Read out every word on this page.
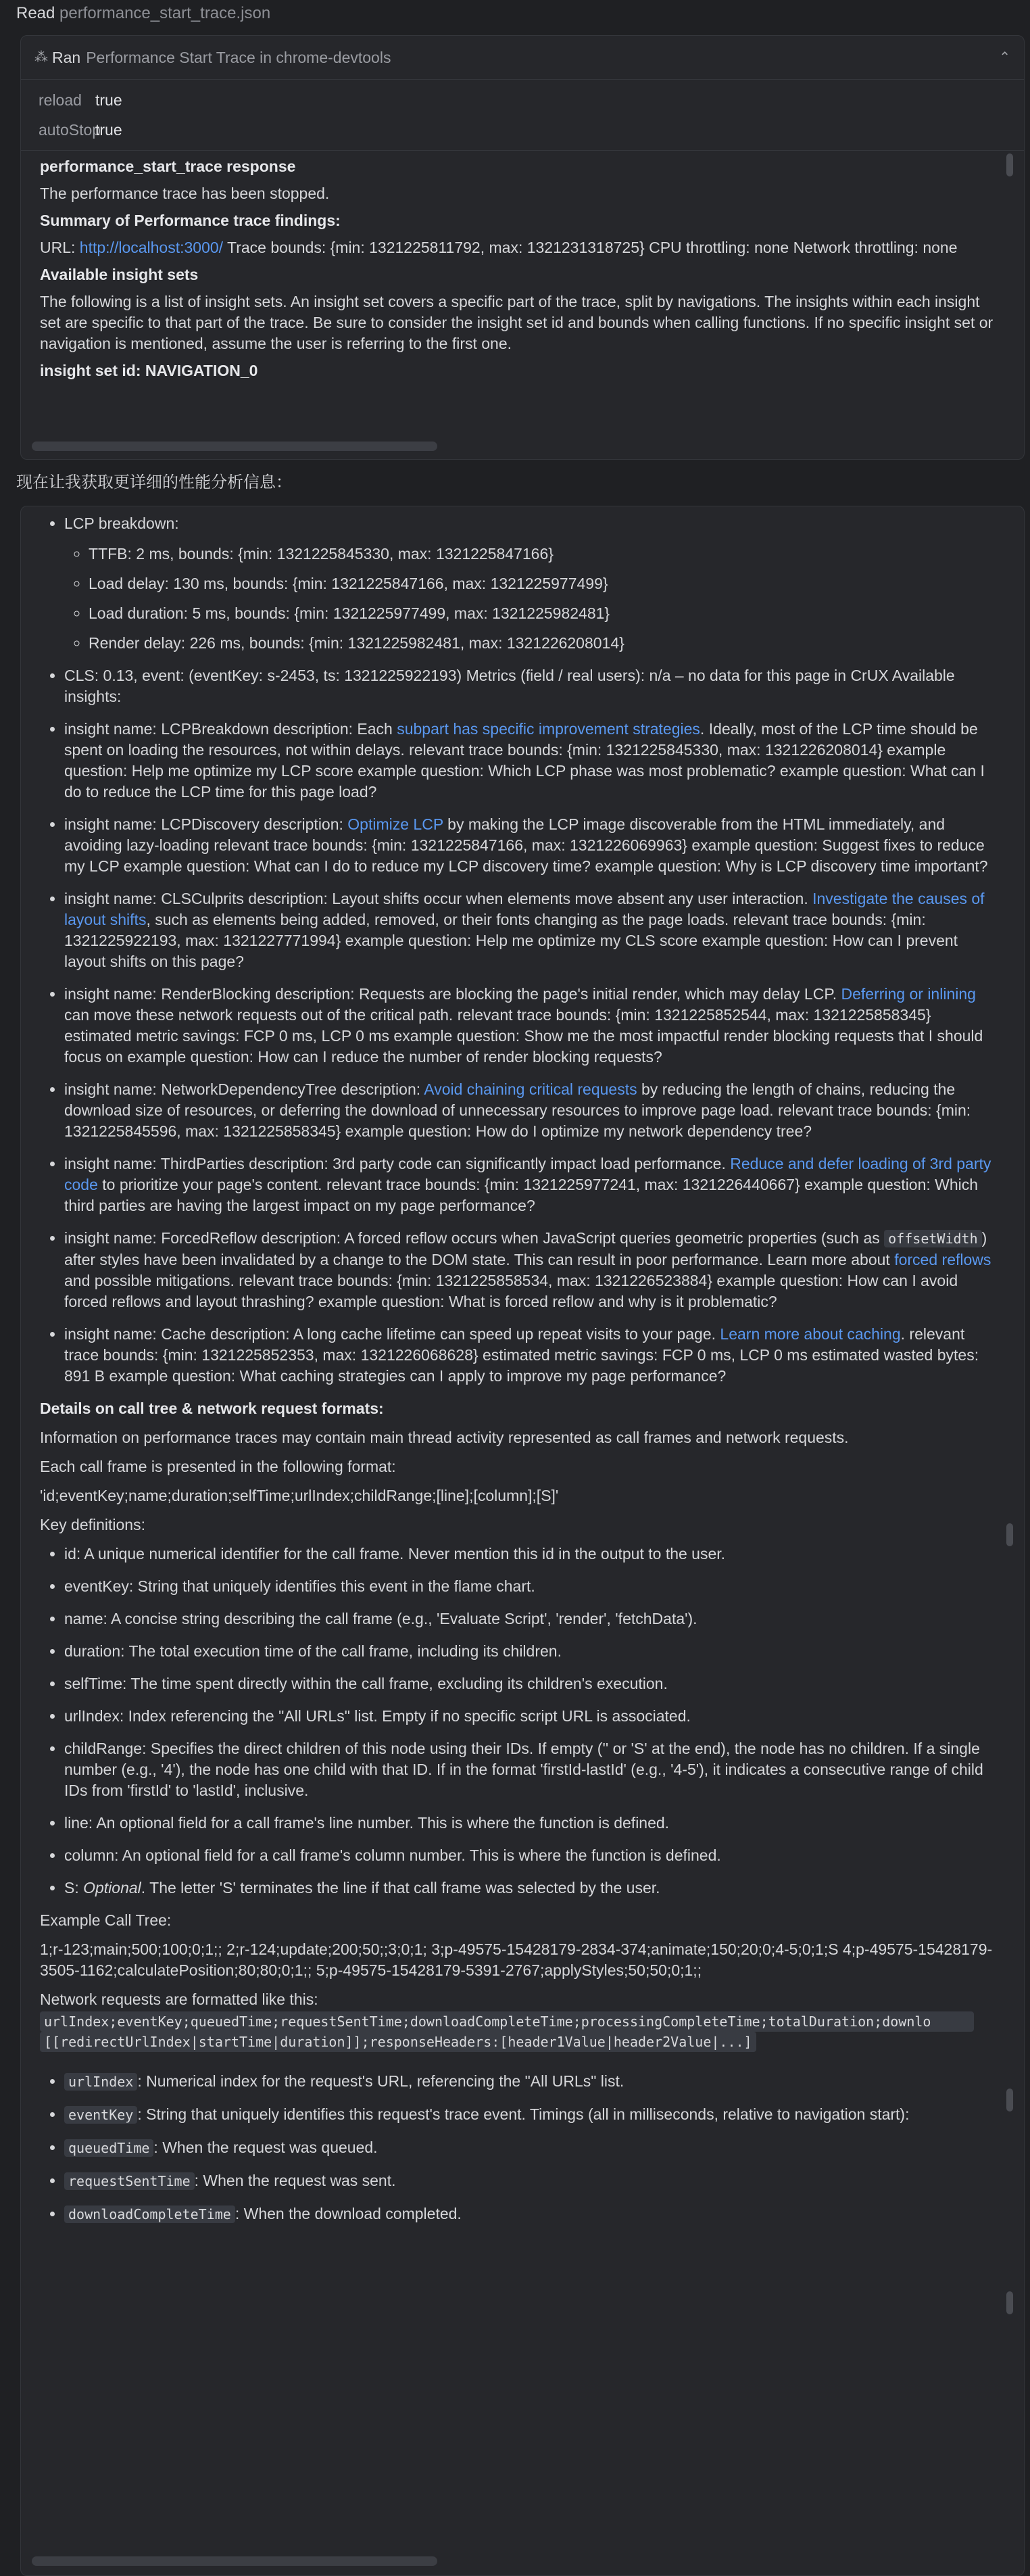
Read performance_start_trace.json
⁂ Ran Performance Start Trace in chrome-devtools	⌃

reload true
autoStop
true

performance_start_trace response

The performance trace has been stopped.

Summary of Performance trace findings:

URL: http://localhost:3000/ Trace bounds: {min: 1321225811792, max: 1321231318725} CPU throttling: none Network throttling: none

Available insight sets

The following is a list of insight sets. An insight set covers a specific part of the trace, split by navigations. The insights within each insight set are specific to that part of the trace. Be sure to consider the insight set id and bounds when calling functions. If no specific insight set or navigation is mentioned, assume the user is referring to the first one.

insight set id: NAVIGATION_0

现在让我获取更详细的性能分析信息：
• LCP breakdown:
◦ TTFB: 2 ms, bounds: {min: 1321225845330, max: 1321225847166}
◦ Load delay: 130 ms, bounds: {min: 1321225847166, max: 1321225977499}
◦ Load duration: 5 ms, bounds: {min: 1321225977499, max: 1321225982481}
◦ Render delay: 226 ms, bounds: {min: 1321225982481, max: 1321226208014}
• CLS: 0.13, event: (eventKey: s-2453, ts: 1321225922193) Metrics (field / real users): n/a – no data for this page in CrUX Available insights:
• insight name: LCPBreakdown description: Each subpart has specific improvement strategies. Ideally, most of the LCP time should be spent on loading the resources, not within delays. relevant trace bounds: {min: 1321225845330, max: 1321226208014} example question: Help me optimize my LCP score example question: Which LCP phase was most problematic? example question: What can I do to reduce the LCP time for this page load?
• insight name: LCPDiscovery description: Optimize LCP by making the LCP image discoverable from the HTML immediately, and avoiding lazy-loading relevant trace bounds: {min: 1321225847166, max: 1321226069963} example question: Suggest fixes to reduce my LCP example question: What can I do to reduce my LCP discovery time? example question: Why is LCP discovery time important?
• insight name: CLSCulprits description: Layout shifts occur when elements move absent any user interaction. Investigate the causes of layout shifts, such as elements being added, removed, or their fonts changing as the page loads. relevant trace bounds: {min: 1321225922193, max: 1321227771994} example question: Help me optimize my CLS score example question: How can I prevent layout shifts on this page?
• insight name: RenderBlocking description: Requests are blocking the page's initial render, which may delay LCP. Deferring or inlining can move these network requests out of the critical path. relevant trace bounds: {min: 1321225852544, max: 1321225858345} estimated metric savings: FCP 0 ms, LCP 0 ms example question: Show me the most impactful render blocking requests that I should focus on example question: How can I reduce the number of render blocking requests?
• insight name: NetworkDependencyTree description: Avoid chaining critical requests by reducing the length of chains, reducing the download size of resources, or deferring the download of unnecessary resources to improve page load. relevant trace bounds: {min: 1321225845596, max: 1321225858345} example question: How do I optimize my network dependency tree?
• insight name: ThirdParties description: 3rd party code can significantly impact load performance. Reduce and defer loading of 3rd party code to prioritize your page's content. relevant trace bounds: {min: 1321225977241, max: 1321226440667} example question: Which third parties are having the largest impact on my page performance?
• insight name: ForcedReflow description: A forced reflow occurs when JavaScript queries geometric properties (such as offsetWidth ) after styles have been invalidated by a change to the DOM state. This can result in poor performance. Learn more about forced reflows and possible mitigations. relevant trace bounds: {min: 1321225858534, max: 1321226523884} example question: How can I avoid forced reflows and layout thrashing? example question: What is forced reflow and why is it problematic?
• insight name: Cache description: A long cache lifetime can speed up repeat visits to your page. Learn more about caching. relevant trace bounds: {min: 1321225852353, max: 1321226068628} estimated metric savings: FCP 0 ms, LCP 0 ms estimated wasted bytes: 891 B example question: What caching strategies can I apply to improve my page performance?
Details on call tree & network request formats:

Information on performance traces may contain main thread activity represented as call frames and network requests.

Each call frame is presented in the following format:

'id;eventKey;name;duration;selfTime;urlIndex;childRange;[line];[column];[S]'

Key definitions:

• id: A unique numerical identifier for the call frame. Never mention this id in the output to the user.
• eventKey: String that uniquely identifies this event in the flame chart.
• name: A concise string describing the call frame (e.g., 'Evaluate Script', 'render', 'fetchData').
• duration: The total execution time of the call frame, including its children.
• selfTime: The time spent directly within the call frame, excluding its children's execution.
• urlIndex: Index referencing the "All URLs" list. Empty if no specific script URL is associated.
• childRange: Specifies the direct children of this node using their IDs. If empty ('' or 'S' at the end), the node has no children. If a single number (e.g., '4'), the node has one child with that ID. If in the format 'firstId-lastId' (e.g., '4-5'), it indicates a consecutive range of child IDs from 'firstId' to 'lastId', inclusive.
• line: An optional field for a call frame's line number. This is where the function is defined.
• column: An optional field for a call frame's column number. This is where the function is defined.
• S: Optional. The letter 'S' terminates the line if that call frame was selected by the user.

Example Call Tree:

1;r-123;main;500;100;0;1;; 2;r-124;update;200;50;;3;0;1; 3;p-49575-15428179-2834-374;animate;150;20;0;4-5;0;1;S 4;p-49575-15428179-3505-1162;calculatePosition;80;80;0;1;; 5;p-49575-15428179-5391-2767;applyStyles;50;50;0;1;;

Network requests are formatted like this:

urlIndex;eventKey;queuedTime;requestSentTime;downloadCompleteTime;processingCompleteTime;totalDuration;downlo
[[redirectUrlIndex|startTime|duration]];responseHeaders:[header1Value|header2Value|...]
• urlIndex : Numerical index for the request's URL, referencing the "All URLs" list.
• eventKey : String that uniquely identifies this request's trace event. Timings (all in milliseconds, relative to navigation start):
• queuedTime : When the request was queued.
• requestSentTime : When the request was sent.
• downloadCompleteTime : When the download completed.
